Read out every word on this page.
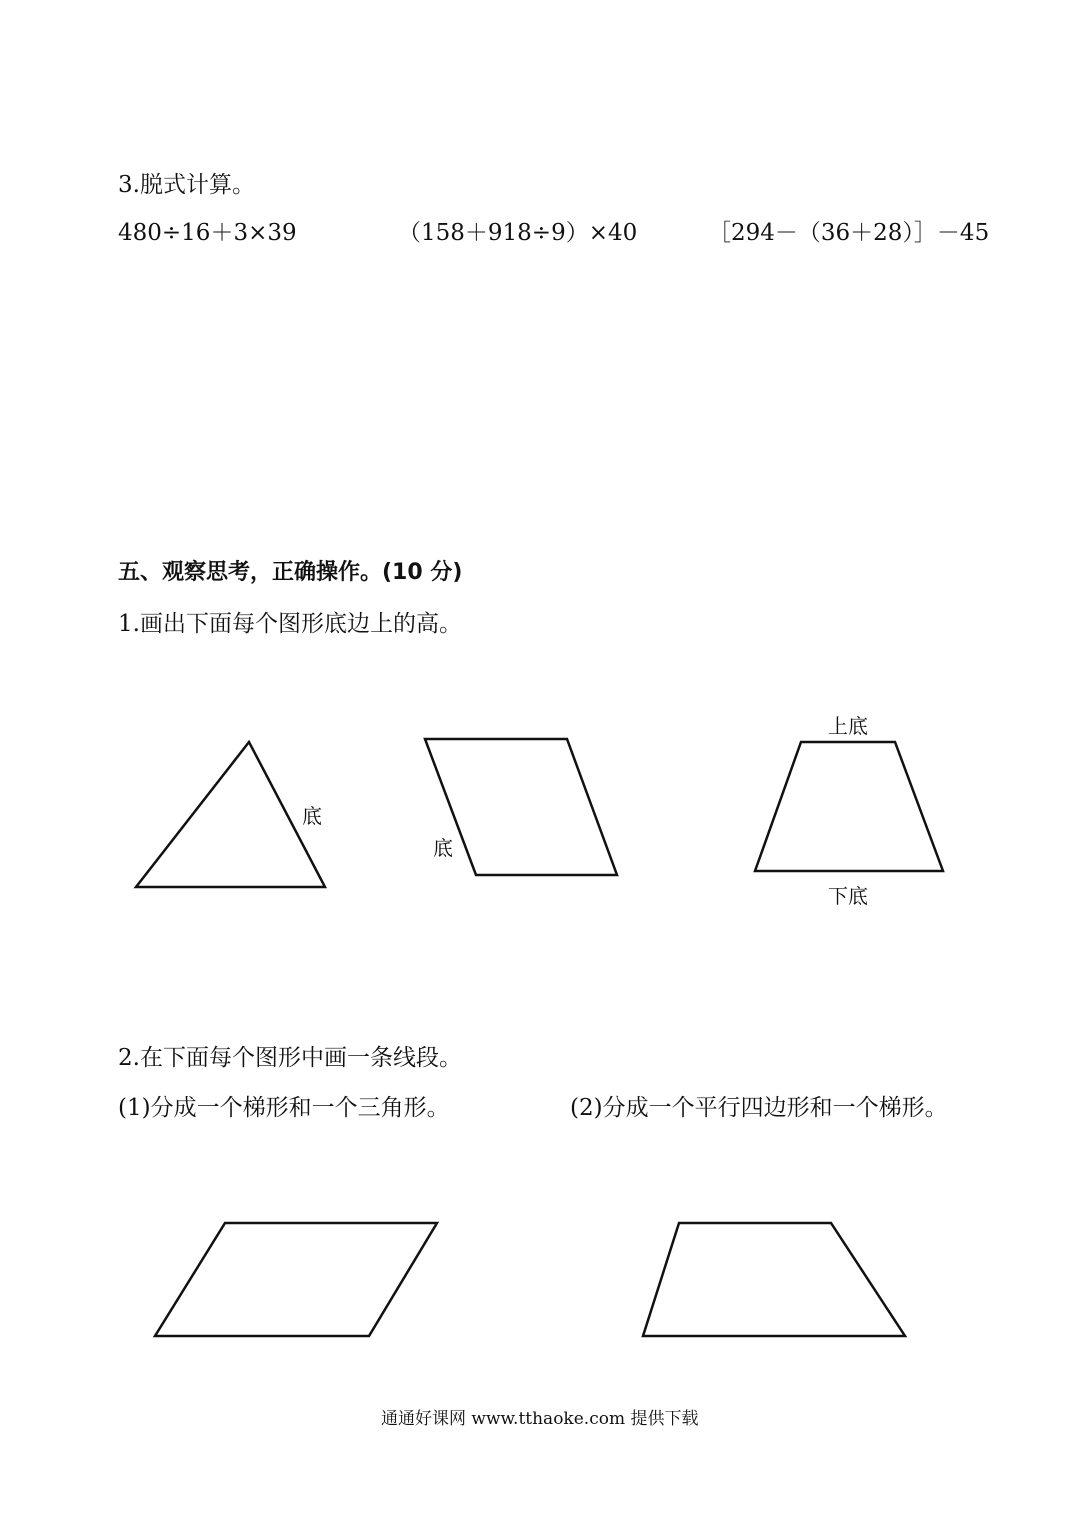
3.脱式计算。
480÷16＋3×39	（158＋918÷9）×40	［294－（36＋28）］－45
五、观察思考，正确操作。(10 分)
1.画出下面每个图形底边上的高。
底
底
上底
下底
2.在下面每个图形中画一条线段。
(1)分成一个梯形和一个三角形。	(2)分成一个平行四边形和一个梯形。
通通好课网 www.tthaoke.com 提供下载
